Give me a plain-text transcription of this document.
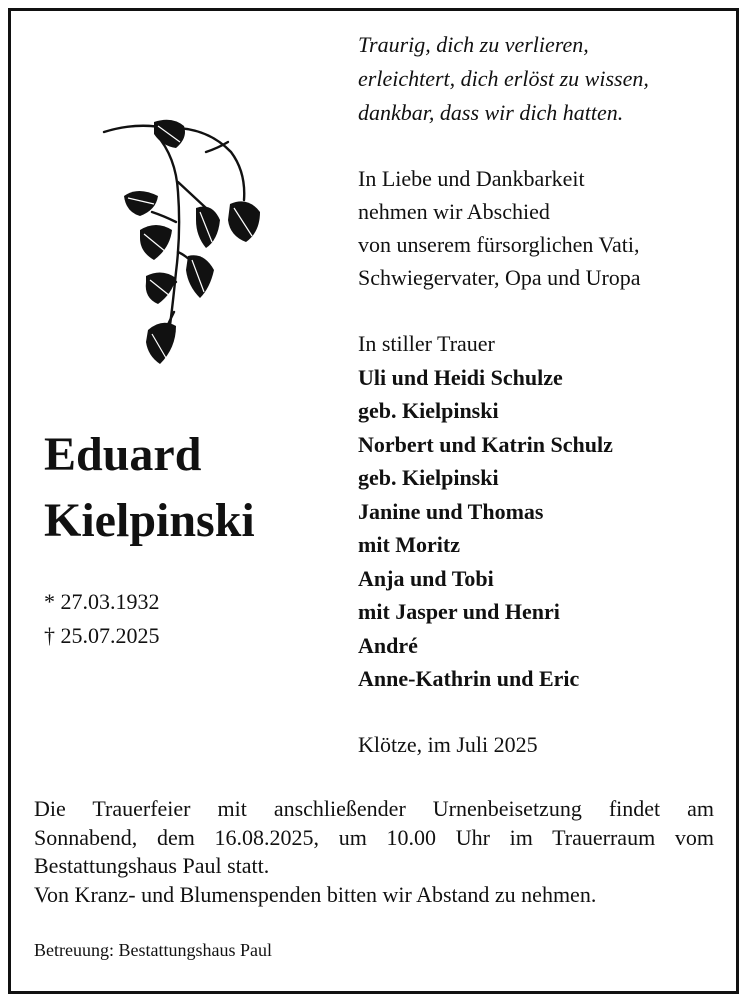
Traurig, dich zu verlieren,
erleichtert, dich erlöst zu wissen,
dankbar, dass wir dich hatten.
In Liebe und Dankbarkeit
nehmen wir Abschied
von unserem fürsorglichen Vati,
Schwiegervater, Opa und Uropa
Eduard
Kielpinski
* 27.03.1932
† 25.07.2025
In stiller Trauer
Uli und Heidi Schulze
geb. Kielpinski
Norbert und Katrin Schulz
geb. Kielpinski
Janine und Thomas
mit Moritz
Anja und Tobi
mit Jasper und Henri
André
Anne-Kathrin und Eric
Klötze, im Juli 2025
Die Trauerfeier mit anschließender Urnenbeisetzung findet am
Sonnabend, dem 16.08.2025, um 10.00 Uhr im Trauerraum vom
Bestattungshaus Paul statt.
Von Kranz- und Blumenspenden bitten wir Abstand zu nehmen.
Betreuung: Bestattungshaus Paul
